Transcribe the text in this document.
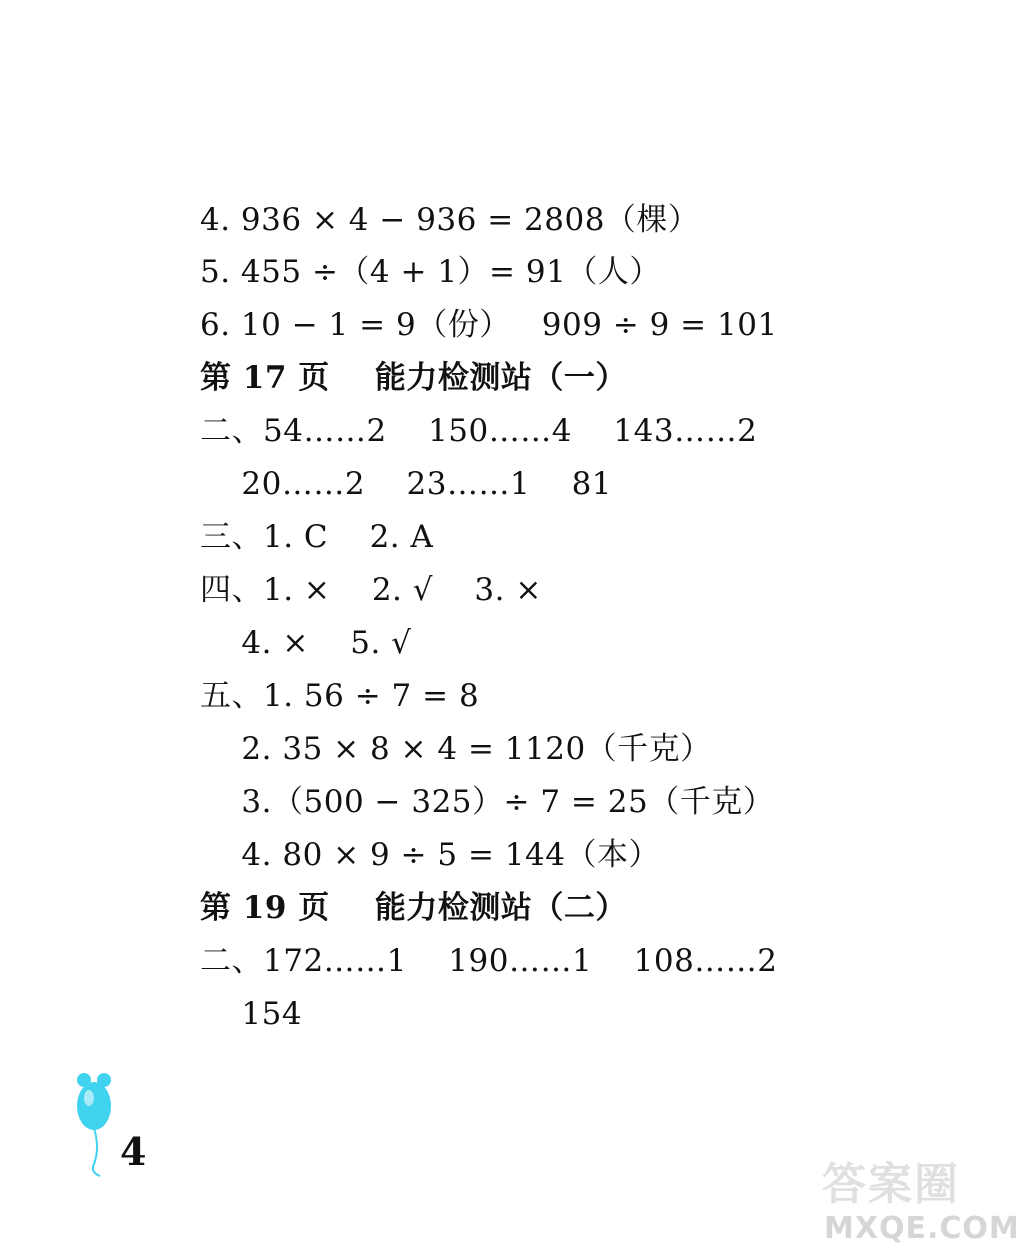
4. 936 × 4 − 936 = 2808（棵）
5. 455 ÷（4 + 1）= 91（人）
6. 10 − 1 = 9（份）   909 ÷ 9 = 101
第 17 页    能力检测站（一）
二、54……2    150……4    143……2
20……2    23……1    81
三、1. C    2. A
四、1. ×    2. √    3. ×
4. ×    5. √
五、1. 56 ÷ 7 = 8
2. 35 × 8 × 4 = 1120（千克）
3.（500 − 325）÷ 7 = 25（千克）
4. 80 × 9 ÷ 5 = 144（本）
第 19 页    能力检测站（二）
二、172……1    190……1    108……2
154
4
答案圈
MXQE.COM
